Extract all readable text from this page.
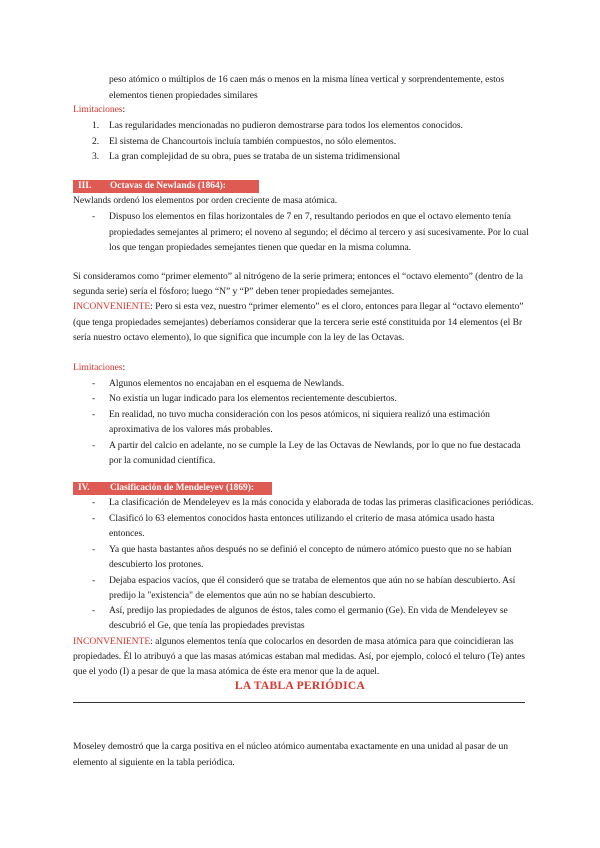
peso atómico o múltiplos de 16 caen más o menos en la misma línea vertical y sorprendentemente, estos
elementos tienen propiedades similares
Limitaciones:
1. Las regularidades mencionadas no pudieron demostrarse para todos los elementos conocidos.
2. El sistema de Chancourtois incluía también compuestos, no sólo elementos.
3. La gran complejidad de su obra, pues se trataba de un sistema tridimensional
III. Octavas de Newlands (1864):
Newlands ordenó los elementos por orden creciente de masa atómica.
- Dispuso los elementos en filas horizontales de 7 en 7, resultando periodos en que el octavo elemento tenía
propiedades semejantes al primero; el noveno al segundo; el décimo al tercero y así sucesivamente. Por lo cual
los que tengan propiedades semejantes tienen que quedar en la misma columna.
Si consideramos como “primer elemento” al nitrógeno de la serie primera; entonces el “octavo elemento” (dentro de la
segunda serie) sería el fósforo; luego “N” y “P” deben tener propiedades semejantes.
INCONVENIENTE: Pero si esta vez, nuestro “primer elemento” es el cloro, entonces para llegar al “octavo elemento”
(que tenga propiedades semejantes) deberíamos considerar que la tercera serie esté constituida por 14 elementos (el Br
sería nuestro octavo elemento), lo que significa que incumple con la ley de las Octavas.
Limitaciones:
- Algunos elementos no encajaban en el esquema de Newlands.
- No existía un lugar indicado para los elementos recientemente descubiertos.
- En realidad, no tuvo mucha consideración con los pesos atómicos, ni siquiera realizó una estimación
aproximativa de los valores más probables.
- A partir del calcio en adelante, no se cumple la Ley de las Octavas de Newlands, por lo que no fue destacada
por la comunidad científica.
IV. Clasificación de Mendeleyev (1869):
- La clasificación de Mendeleyev es la más conocida y elaborada de todas las primeras clasificaciones periódicas.
- Clasificó lo 63 elementos conocidos hasta entonces utilizando el criterio de masa atómica usado hasta
entonces.
- Ya que hasta bastantes años después no se definió el concepto de número atómico puesto que no se habían
descubierto los protones.
- Dejaba espacios vacíos, que él consideró que se trataba de elementos que aún no se habían descubierto. Así
predijo la "existencia" de elementos que aún no se habían descubierto.
- Así, predijo las propiedades de algunos de éstos, tales como el germanio (Ge). En vida de Mendeleyev se
descubrió el Ge, que tenía las propiedades previstas
INCONVENIENTE: algunos elementos tenía que colocarlos en desorden de masa atómica para que coincidieran las
propiedades. Él lo atribuyó a que las masas atómicas estaban mal medidas. Así, por ejemplo, colocó el teluro (Te) antes
que el yodo (I) a pesar de que la masa atómica de éste era menor que la de aquel.
LA TABLA PERIÓDICA
Moseley demostró que la carga positiva en el núcleo atómico aumentaba exactamente en una unidad al pasar de un
elemento al siguiente en la tabla periódica.
